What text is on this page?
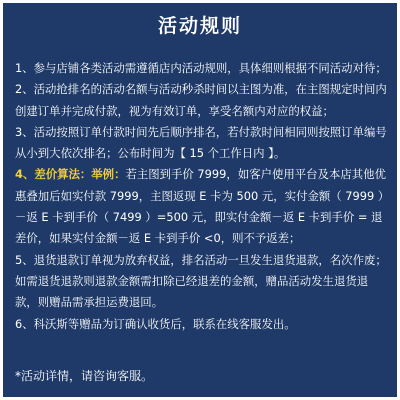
活动规则

1、参与店铺各类活动需遵循店内活动规则，具体细则根据不同活动对待；

2、活动抢排名的活动名额与活动秒杀时间以主图为准，在主图规定时间内创建订单并完成付款，视为有效订单，享受名额内对应的权益；

3、活动按照订单付款时间先后顺序排名，若付款时间相同则按照订单编号从小到大依次排名；公布时间为【 15 个工作日内 】。

4、差价算法：举例：若主图到手价 7999，如客户使用平台及本店其他优惠叠加后如实付款 7999，主图返现 E 卡为 500 元，实付金额（ 7999 ）－返 E 卡到手价（ 7499 ）=500 元，即实付金额－返 E 卡到手价 = 退差价，如果实付金额－返 E 卡到手价 <0，则不予返差；

5、退货退款订单视为放弃权益，排名活动一旦发生退货退款，名次作废；如需退货退款则退款金额需扣除已经退差的金额，赠品活动发生退货退款，则赠品需承担运费退回。

6、科沃斯等赠品为订确认收货后，联系在线客服发出。

*活动详情，请咨询客服。
